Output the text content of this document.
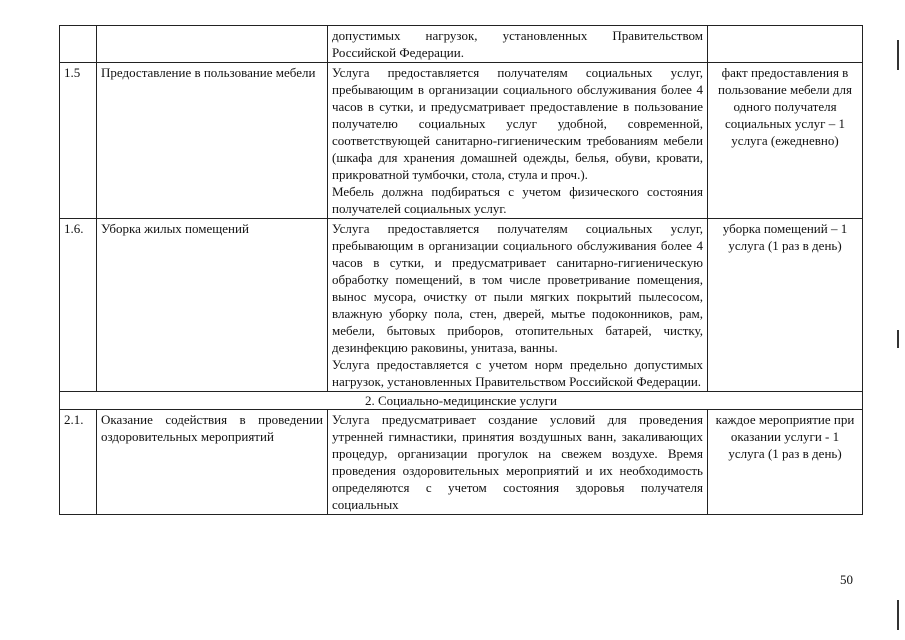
		допустимых нагрузок, установленных Правительством Российской Федерации.	

1.5	Предоставление в пользование мебели	Услуга предоставляется получателям социальных услуг, пребывающим в организации социального обслуживания более 4 часов в сутки, и предусматривает предоставление в пользование получателю социальных услуг удобной, современной, соответствующей санитарно-гигиеническим требованиям мебели (шкафа для хранения домашней одежды, белья, обуви, кровати, прикроватной тумбочки, стола, стула и проч.).

Мебель должна подбираться с учетом физического состояния получателей социальных услуг.	факт предоставления в пользование мебели для одного получателя социальных услуг – 1 услуга (ежедневно)
1.6.	Уборка жилых помещений	Услуга предоставляется получателям социальных услуг, пребывающим в организации социального обслуживания более 4 часов в сутки, и предусматривает санитарно-гигиеническую обработку помещений, в том числе проветривание помещения, вынос мусора, очистку от пыли мягких покрытий пылесосом, влажную уборку пола, стен, дверей, мытье подоконников, рам, мебели, бытовых приборов, отопительных батарей, чистку, дезинфекцию раковины, унитаза, ванны.

Услуга предоставляется с учетом норм предельно допустимых нагрузок, установленных Правительством Российской Федерации.	уборка помещений – 1 услуга (1 раз в день)
2. Социально-медицинские услуги			
2.1.	Оказание содействия в проведении оздоровительных мероприятий	Услуга предусматривает создание условий для проведения утренней гимнастики, принятия воздушных ванн, закаливающих процедур, организации прогулок на свежем воздухе. Время проведения оздоровительных мероприятий и их необходимость определяются с учетом состояния здоровья получателя социальных	каждое мероприятие при оказании услуги - 1 услуга (1 раз в день)
50
